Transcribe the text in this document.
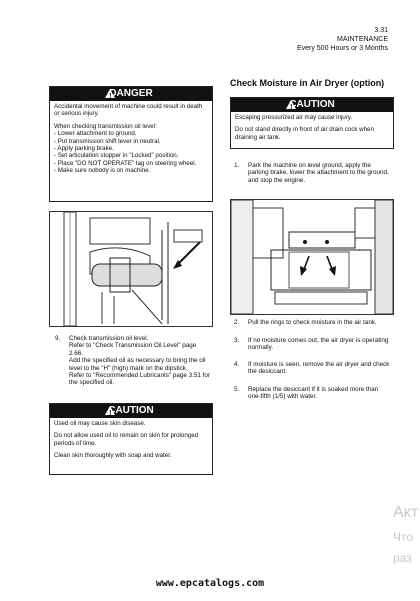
3.31
MAINTENANCE
Every 500 Hours or 3 Months
!
DANGER

Accidental movement of machine could result in death or serious injury.

When checking transmission oil level:

- Lower attachment to ground.
- Put transmission shift lever in neutral.
- Apply parking brake.
- Set articulation stopper in "Locked" position.
- Place "DO NOT OPERATE" tag on steering wheel.
- Make sure nobody is on machine.
9. Check transmission oil level.
Refer to "Check Transmission Oil Level" page 2.66.
Add the specified oil as necessary to bring the oil level to the "H" (high) mark on the dipstick.
Refer to "Recommended Lubricants" page 3.51 for the specified oil.
!
CAUTION

Used oil may cause skin disease.

Do not allow used oil to remain on skin for prolonged periods of time.

Clean skin thoroughly with soap and water.

Check Moisture in Air Dryer (option)
!
CAUTION

Escaping pressurized air may cause injury.

Do not stand directly in front of air drain cock when draining air tank.

1. Park the machine on level ground, apply the parking brake, lower the attachment to the ground, and stop the engine.
2. Pull the rings to check moisture in the air tank.
3. If no moisture comes out, the air dryer is operating normally.
4. If moisture is seen, remove the air dryer and check the desiccant.
5. Replace the desiccant if it is soaked more than one-fifth (1/5) with water.
Акт
Что
раз
www.epcatalogs.com
